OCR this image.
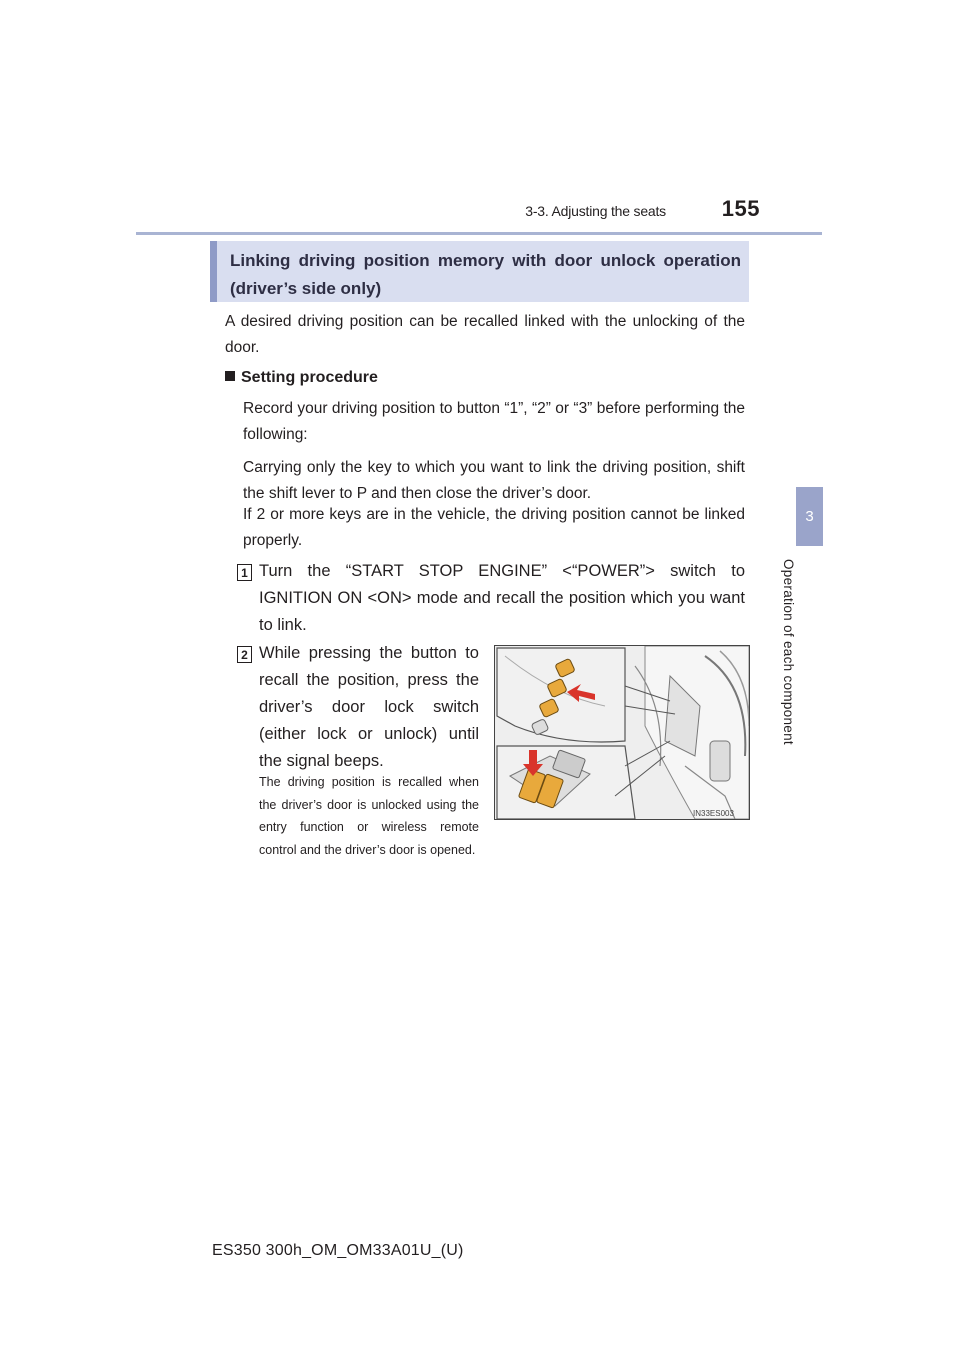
3-3. Adjusting the seats	155
3
Operation of each component
Linking driving position memory with door unlock operation (driver’s side only)
A desired driving position can be recalled linked with the unlocking of the door.
Setting procedure
Record your driving position to button “1”, “2” or “3” before performing the following:
Carrying only the key to which you want to link the driving position, shift the shift lever to P and then close the driver’s door.
If 2 or more keys are in the vehicle, the driving position cannot be linked properly.
1 Turn the “START STOP ENGINE” <“POWER”> switch to IGNITION ON <ON> mode and recall the position which you want to link.
2 While pressing the button to recall the position, press the driver’s door lock switch (either lock or unlock) until the signal beeps.
The driving position is recalled when the driver’s door is unlocked using the entry function or wireless remote control and the driver’s door is opened.
IN33ES003
ES350 300h_OM_OM33A01U_(U)
